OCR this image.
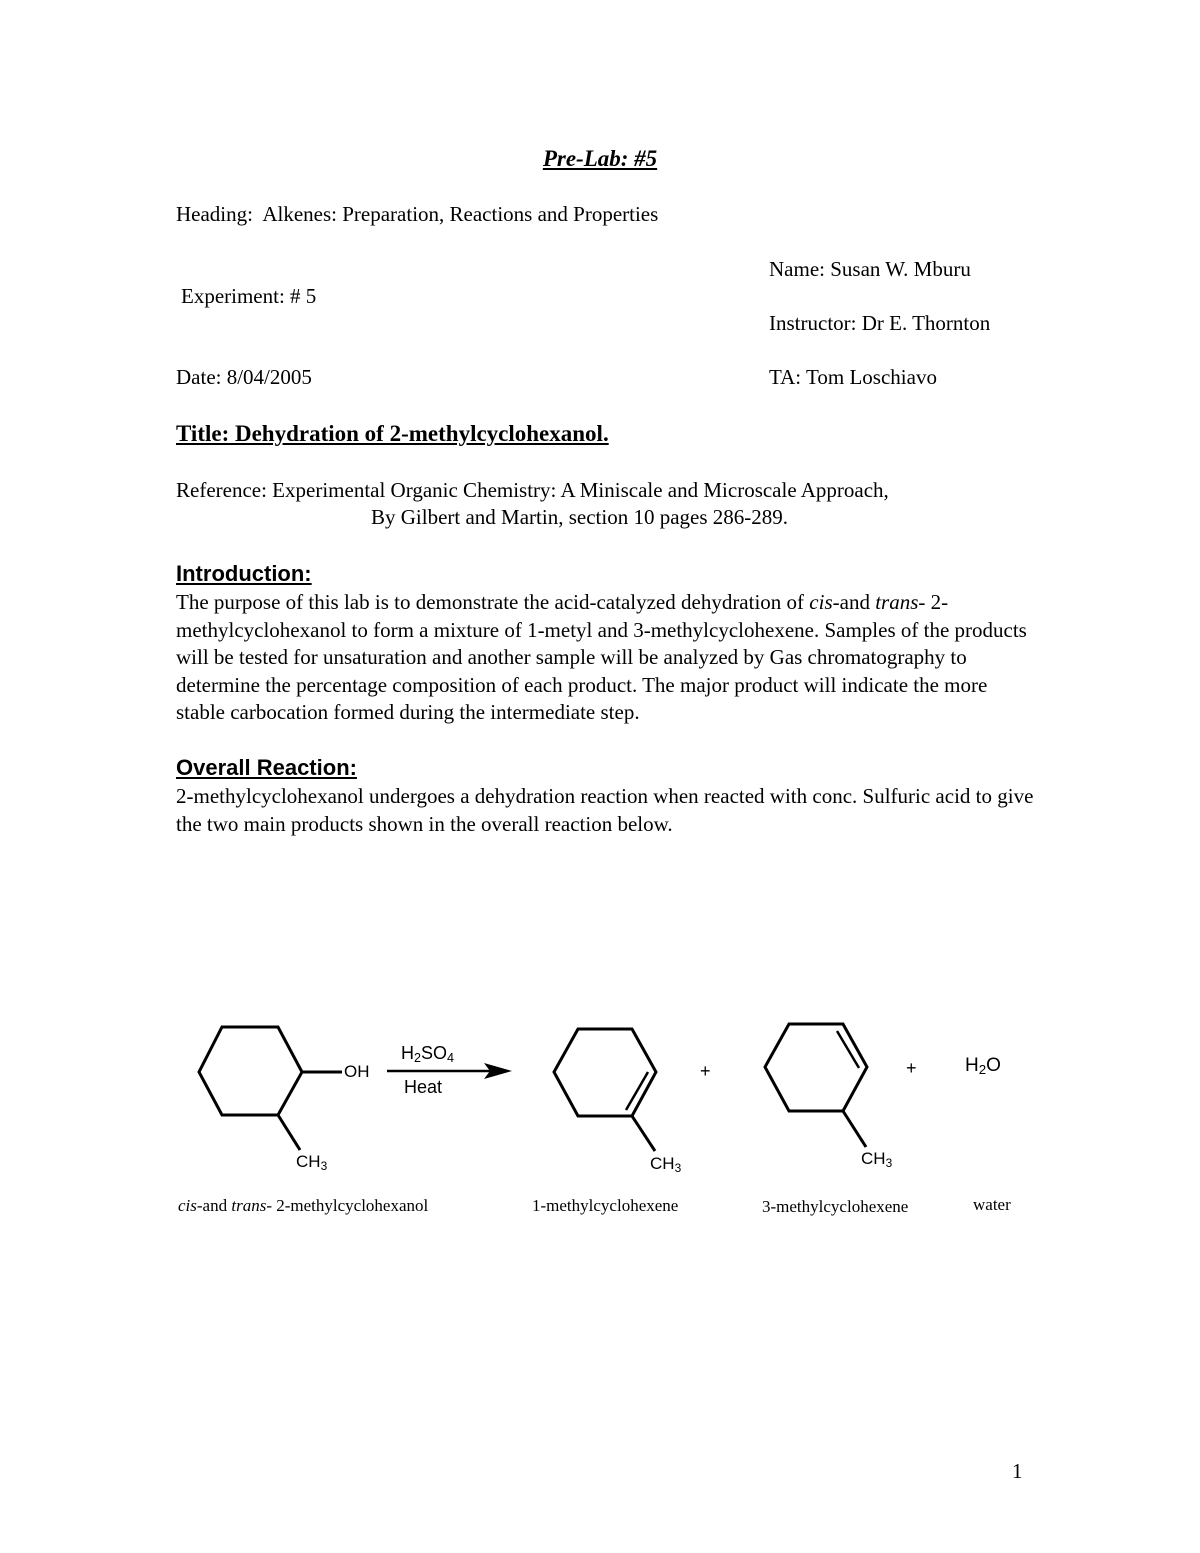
Pre-Lab: #5
Heading: Alkenes: Preparation, Reactions and Properties
Name: Susan W. Mburu
Experiment: # 5
Instructor: Dr E. Thornton
Date: 8/04/2005	TA: Tom Loschiavo
Title: Dehydration of 2-methylcyclohexanol.
Reference: Experimental Organic Chemistry: A Miniscale and Microscale Approach,
By Gilbert and Martin, section 10 pages 286-289.
Introduction:
The purpose of this lab is to demonstrate the acid-catalyzed dehydration of cis-and trans- 2-methylcyclohexanol to form a mixture of 1-metyl and 3-methylcyclohexene. Samples of the products will be tested for unsaturation and another sample will be analyzed by Gas chromatography to determine the percentage composition of each product. The major product will indicate the more stable carbocation formed during the intermediate step.
Overall Reaction:
2-methylcyclohexanol undergoes a dehydration reaction when reacted with conc. Sulfuric acid to give the two main products shown in the overall reaction below.
OH
$CH_3$	$CH_3$	$CH_3$
$H_2SO_4$
Heat
+	+	$H_2O$
cis-and trans- 2-methylcyclohexanol	1-methylcyclohexene	3-methylcyclohexene	water
1
